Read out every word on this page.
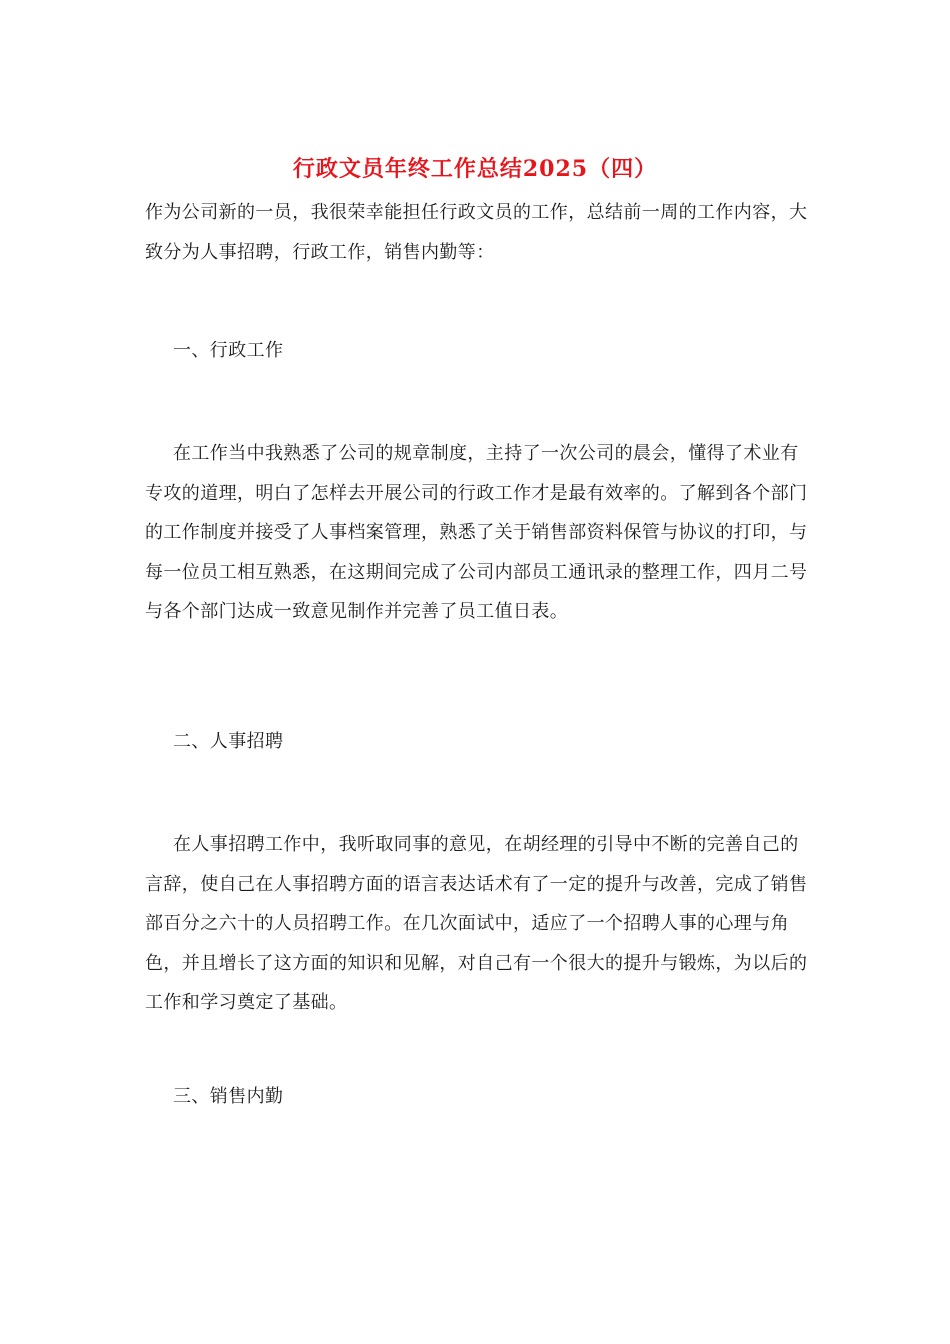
行政文员年终工作总结2025（四）

作为公司新的一员，我很荣幸能担任行政文员的工作，总结前一周的工作内容，大致分为人事招聘，行政工作，销售内勤等：

一、行政工作

在工作当中我熟悉了公司的规章制度，主持了一次公司的晨会，懂得了术业有专攻的道理，明白了怎样去开展公司的行政工作才是最有效率的。了解到各个部门的工作制度并接受了人事档案管理，熟悉了关于销售部资料保管与协议的打印，与每一位员工相互熟悉，在这期间完成了公司内部员工通讯录的整理工作，四月二号与各个部门达成一致意见制作并完善了员工值日表。

二、人事招聘

在人事招聘工作中，我听取同事的意见，在胡经理的引导中不断的完善自己的言辞，使自己在人事招聘方面的语言表达话术有了一定的提升与改善，完成了销售部百分之六十的人员招聘工作。在几次面试中，适应了一个招聘人事的心理与角色，并且增长了这方面的知识和见解，对自己有一个很大的提升与锻炼，为以后的工作和学习奠定了基础。

三、销售内勤
